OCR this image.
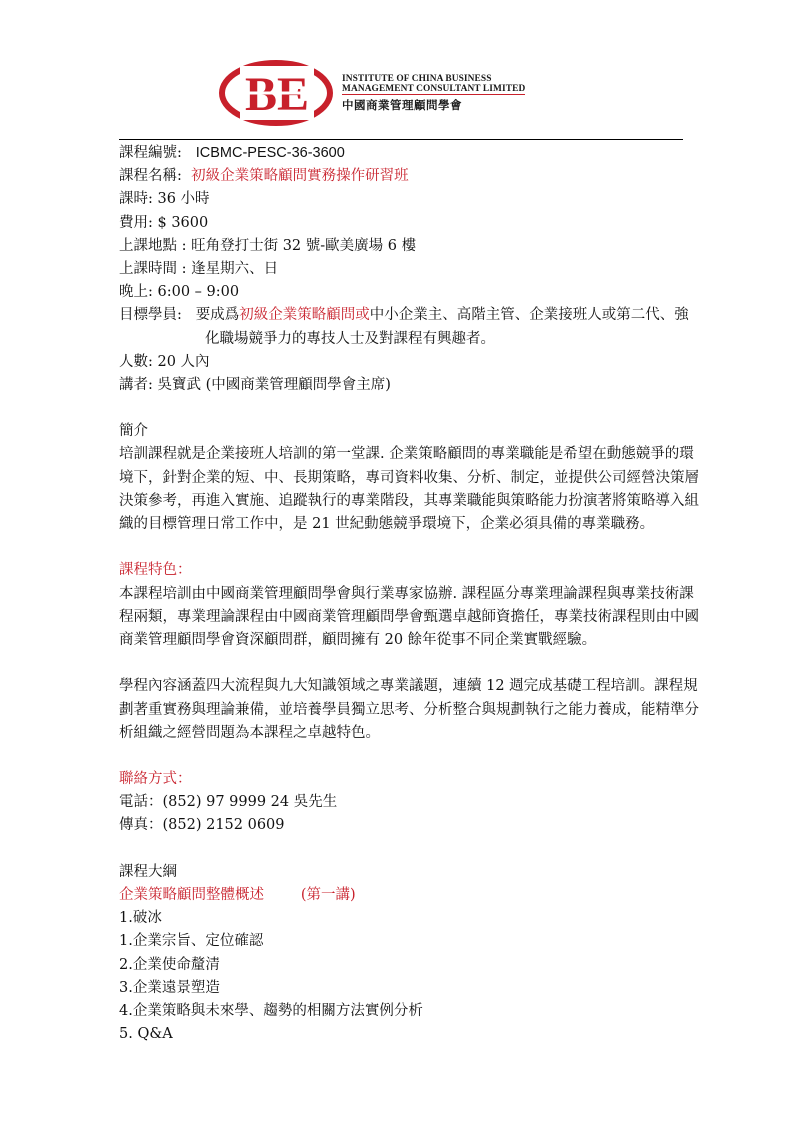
BE	INSTITUTE OF CHINA BUSINESS
MANAGEMENT CONSULTANT LIMITED
中國商業管理顧問學會
課程編號: ICBMC-PESC-36-3600
課程名稱: 初級企業策略顧問實務操作研習班
課時: 36 小時
費用: $ 3600
上課地點 : 旺角登打士街 32 號-歐美廣場 6 樓
上課時間 : 逢星期六、日
晚上: 6:00 – 9:00
目標學員: 要成爲初級企業策略顧問或中小企業主、高階主管、企業接班人或第二代、強
化職場競爭力的專技人士及對課程有興趣者。
人數: 20 人內
講者: 吳寶武 (中國商業管理顧問學會主席)
簡介
培訓課程就是企業接班人培訓的第一堂課. 企業策略顧問的專業職能是希望在動態競爭的環
境下，針對企業的短、中、長期策略，專司資料收集、分析、制定，並提供公司經營決策層
決策參考，再進入實施、追蹤執行的專業階段，其專業職能與策略能力扮演著將策略導入組
織的目標管理日常工作中，是 21 世紀動態競爭環境下，企業必須具備的專業職務。
課程特色：
本課程培訓由中國商業管理顧問學會與行業專家協辦. 課程區分專業理論課程與專業技術課
程兩類，專業理論課程由中國商業管理顧問學會甄選卓越師資擔任，專業技術課程則由中國
商業管理顧問學會資深顧問群，顧問擁有 20 餘年從事不同企業實戰經驗。
學程內容涵蓋四大流程與九大知識領域之專業議題，連續 12 週完成基礎工程培訓。課程規
劃著重實務與理論兼備，並培養學員獨立思考、分析整合與規劃執行之能力養成，能精準分
析組織之經營問題為本課程之卓越特色。
聯絡方式：
電話：(852) 97 9999 24 吳先生
傳真：(852) 2152 0609
課程大綱
企業策略顧問整體概述        (第一講)
1.破冰
1.企業宗旨、定位確認
2.企業使命釐清
3.企業遠景塑造
4.企業策略與未來學、趨勢的相關方法實例分析
5. Q&A
